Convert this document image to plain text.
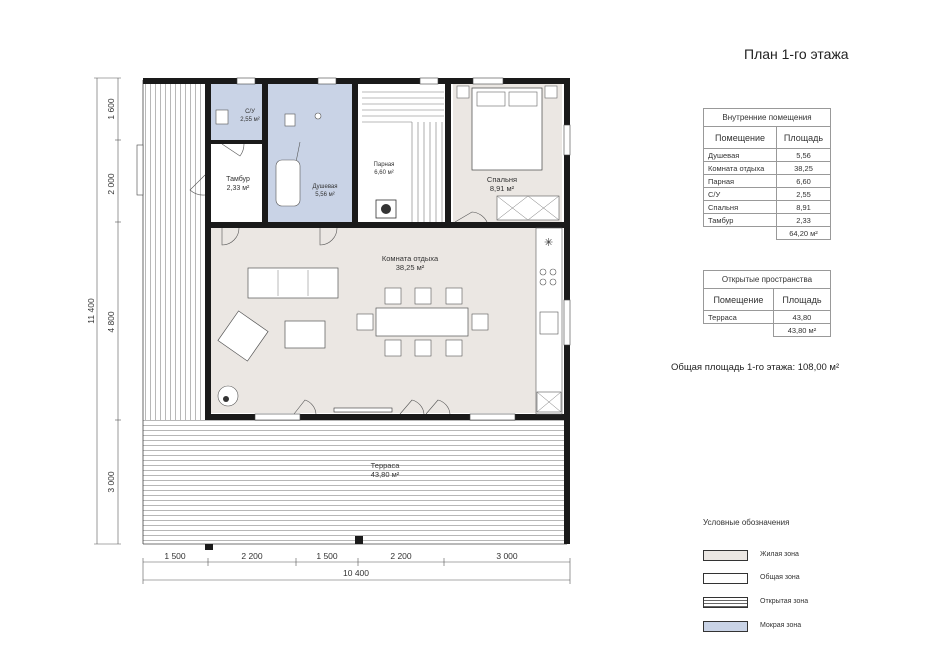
✳
С/У
2,55 м²
Тамбур
2,33 м²	Душевая
5,56 м²
Парная
6,60 м²
Спальня
8,91 м²
Комната отдыха
38,25 м²
Терраса
43,80 м²
11 400
1 600
2 000
4 800
3 000
1 500	2 200	1 500	2 200	3 000
10 400
План 1-го этажа
Внутренние помещения	
Помещение	Площадь
Душевая	5,56
Комната отдыха	38,25
Парная	6,60
С/У	2,55
Спальня	8,91
Тамбур	2,33
	64,20 м²
Открытые пространства	
Помещение	Площадь
Терраса	43,80
	43,80 м²
Общая площадь 1-го этажа: 108,00 м²
Условные обозначения
Жилая зона
Общая зона
Открытая зона
Мокрая зона
